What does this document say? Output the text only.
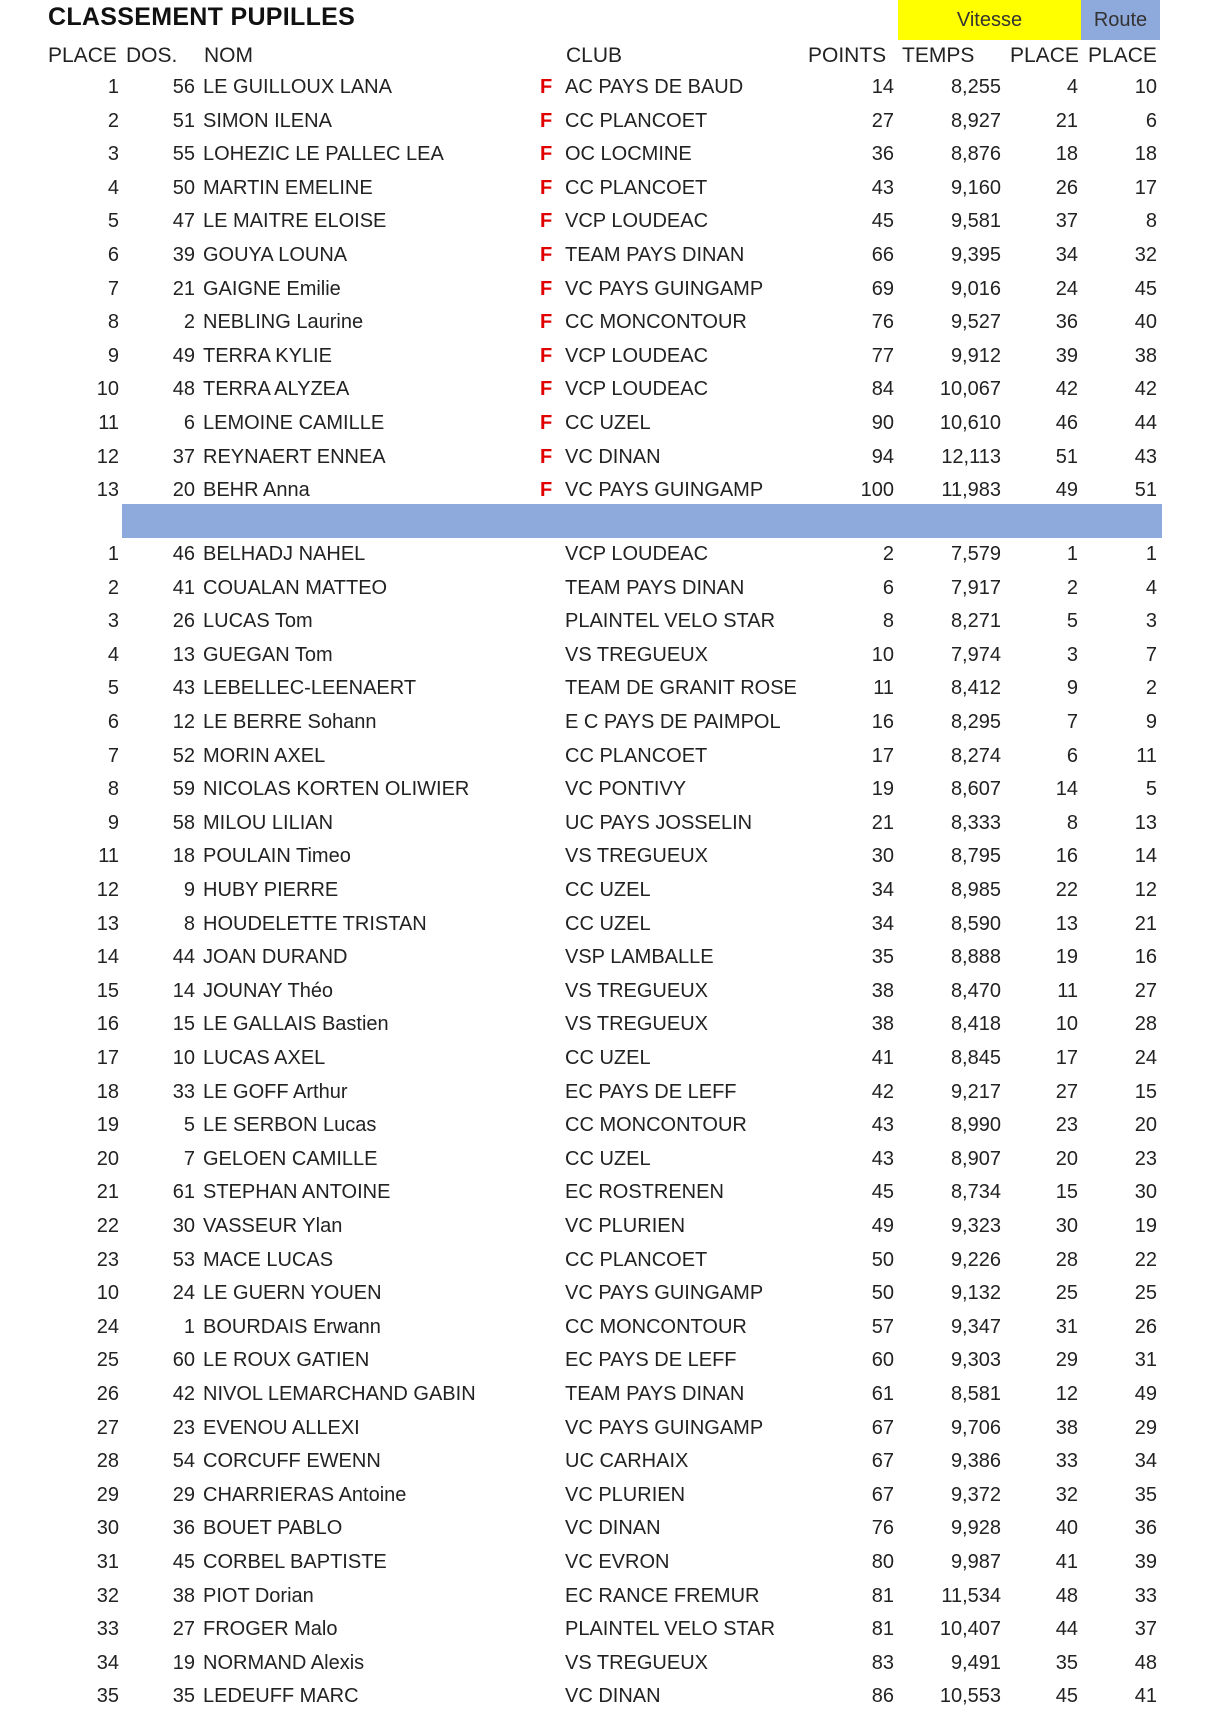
CLASSEMENT PUPILLES	Vitesse	Route
PLACE DOS. NOM	CLUB	POINTS TEMPS PLACE PLACE
1	56 LE GUILLOUX LANA	F AC PAYS DE BAUD	14	8,255	4	10
2	51 SIMON ILENA	F CC PLANCOET	27	8,927	21	6
3	55 LOHEZIC LE PALLEC LEA	F OC LOCMINE	36	8,876	18	18
4	50 MARTIN EMELINE	F CC PLANCOET	43	9,160	26	17
5	47 LE MAITRE ELOISE	F VCP LOUDEAC	45	9,581	37	8
6	39 GOUYA LOUNA	F TEAM PAYS DINAN	66	9,395	34	32
7	21 GAIGNE Emilie	F VC PAYS GUINGAMP	69	9,016	24	45
8	2 NEBLING Laurine	F CC MONCONTOUR	76	9,527	36	40
9	49 TERRA KYLIE	F VCP LOUDEAC	77	9,912	39	38
10	48 TERRA ALYZEA	F VCP LOUDEAC	84 10,067	42	42
11	6 LEMOINE CAMILLE	F CC UZEL	90 10,610	46	44
12	37 REYNAERT ENNEA	F VC DINAN	94 12,113	51	43
13	20 BEHR Anna	F VC PAYS GUINGAMP	100 11,983	49	51
1	46 BELHADJ NAHEL	VCP LOUDEAC	2	7,579	1	1
2	41 COUALAN MATTEO	TEAM PAYS DINAN	6	7,917	2	4
3	26 LUCAS Tom	PLAINTEL VELO STAR	8	8,271	5	3
4	13 GUEGAN Tom	VS TREGUEUX	10	7,974	3	7
5	43 LEBELLEC-LEENAERT	TEAM DE GRANIT ROSE	11	8,412	9	2
6	12 LE BERRE Sohann	E C PAYS DE PAIMPOL	16	8,295	7	9
7	52 MORIN AXEL	CC PLANCOET	17	8,274	6	11
8	59 NICOLAS KORTEN OLIWIER	VC PONTIVY	19	8,607	14	5
9	58 MILOU LILIAN	UC PAYS JOSSELIN	21	8,333	8	13
11	18 POULAIN Timeo	VS TREGUEUX	30	8,795	16	14
12	9 HUBY PIERRE	CC UZEL	34	8,985	22	12
13	8 HOUDELETTE TRISTAN	CC UZEL	34	8,590	13	21
14	44 JOAN DURAND	VSP LAMBALLE	35	8,888	19	16
15	14 JOUNAY Théo	VS TREGUEUX	38	8,470	11	27
16	15 LE GALLAIS Bastien	VS TREGUEUX	38	8,418	10	28
17	10 LUCAS AXEL	CC UZEL	41	8,845	17	24
18	33 LE GOFF Arthur	EC PAYS DE LEFF	42	9,217	27	15
19	5 LE SERBON Lucas	CC MONCONTOUR	43	8,990	23	20
20	7 GELOEN CAMILLE	CC UZEL	43	8,907	20	23
21	61 STEPHAN ANTOINE	EC ROSTRENEN	45	8,734	15	30
22	30 VASSEUR Ylan	VC PLURIEN	49	9,323	30	19
23	53 MACE LUCAS	CC PLANCOET	50	9,226	28	22
10	24 LE GUERN YOUEN	VC PAYS GUINGAMP	50	9,132	25	25
24	1 BOURDAIS Erwann	CC MONCONTOUR	57	9,347	31	26
25	60 LE ROUX GATIEN	EC PAYS DE LEFF	60	9,303	29	31
26	42 NIVOL LEMARCHAND GABIN	TEAM PAYS DINAN	61	8,581	12	49
27	23 EVENOU ALLEXI	VC PAYS GUINGAMP	67	9,706	38	29
28	54 CORCUFF EWENN	UC CARHAIX	67	9,386	33	34
29	29 CHARRIERAS Antoine	VC PLURIEN	67	9,372	32	35
30	36 BOUET PABLO	VC DINAN	76	9,928	40	36
31	45 CORBEL BAPTISTE	VC EVRON	80	9,987	41	39
32	38 PIOT Dorian	EC RANCE FREMUR	81 11,534	48	33
33	27 FROGER Malo	PLAINTEL VELO STAR	81 10,407	44	37
34	19 NORMAND Alexis	VS TREGUEUX	83	9,491	35	48
35	35 LEDEUFF MARC	VC DINAN	86 10,553	45	41
